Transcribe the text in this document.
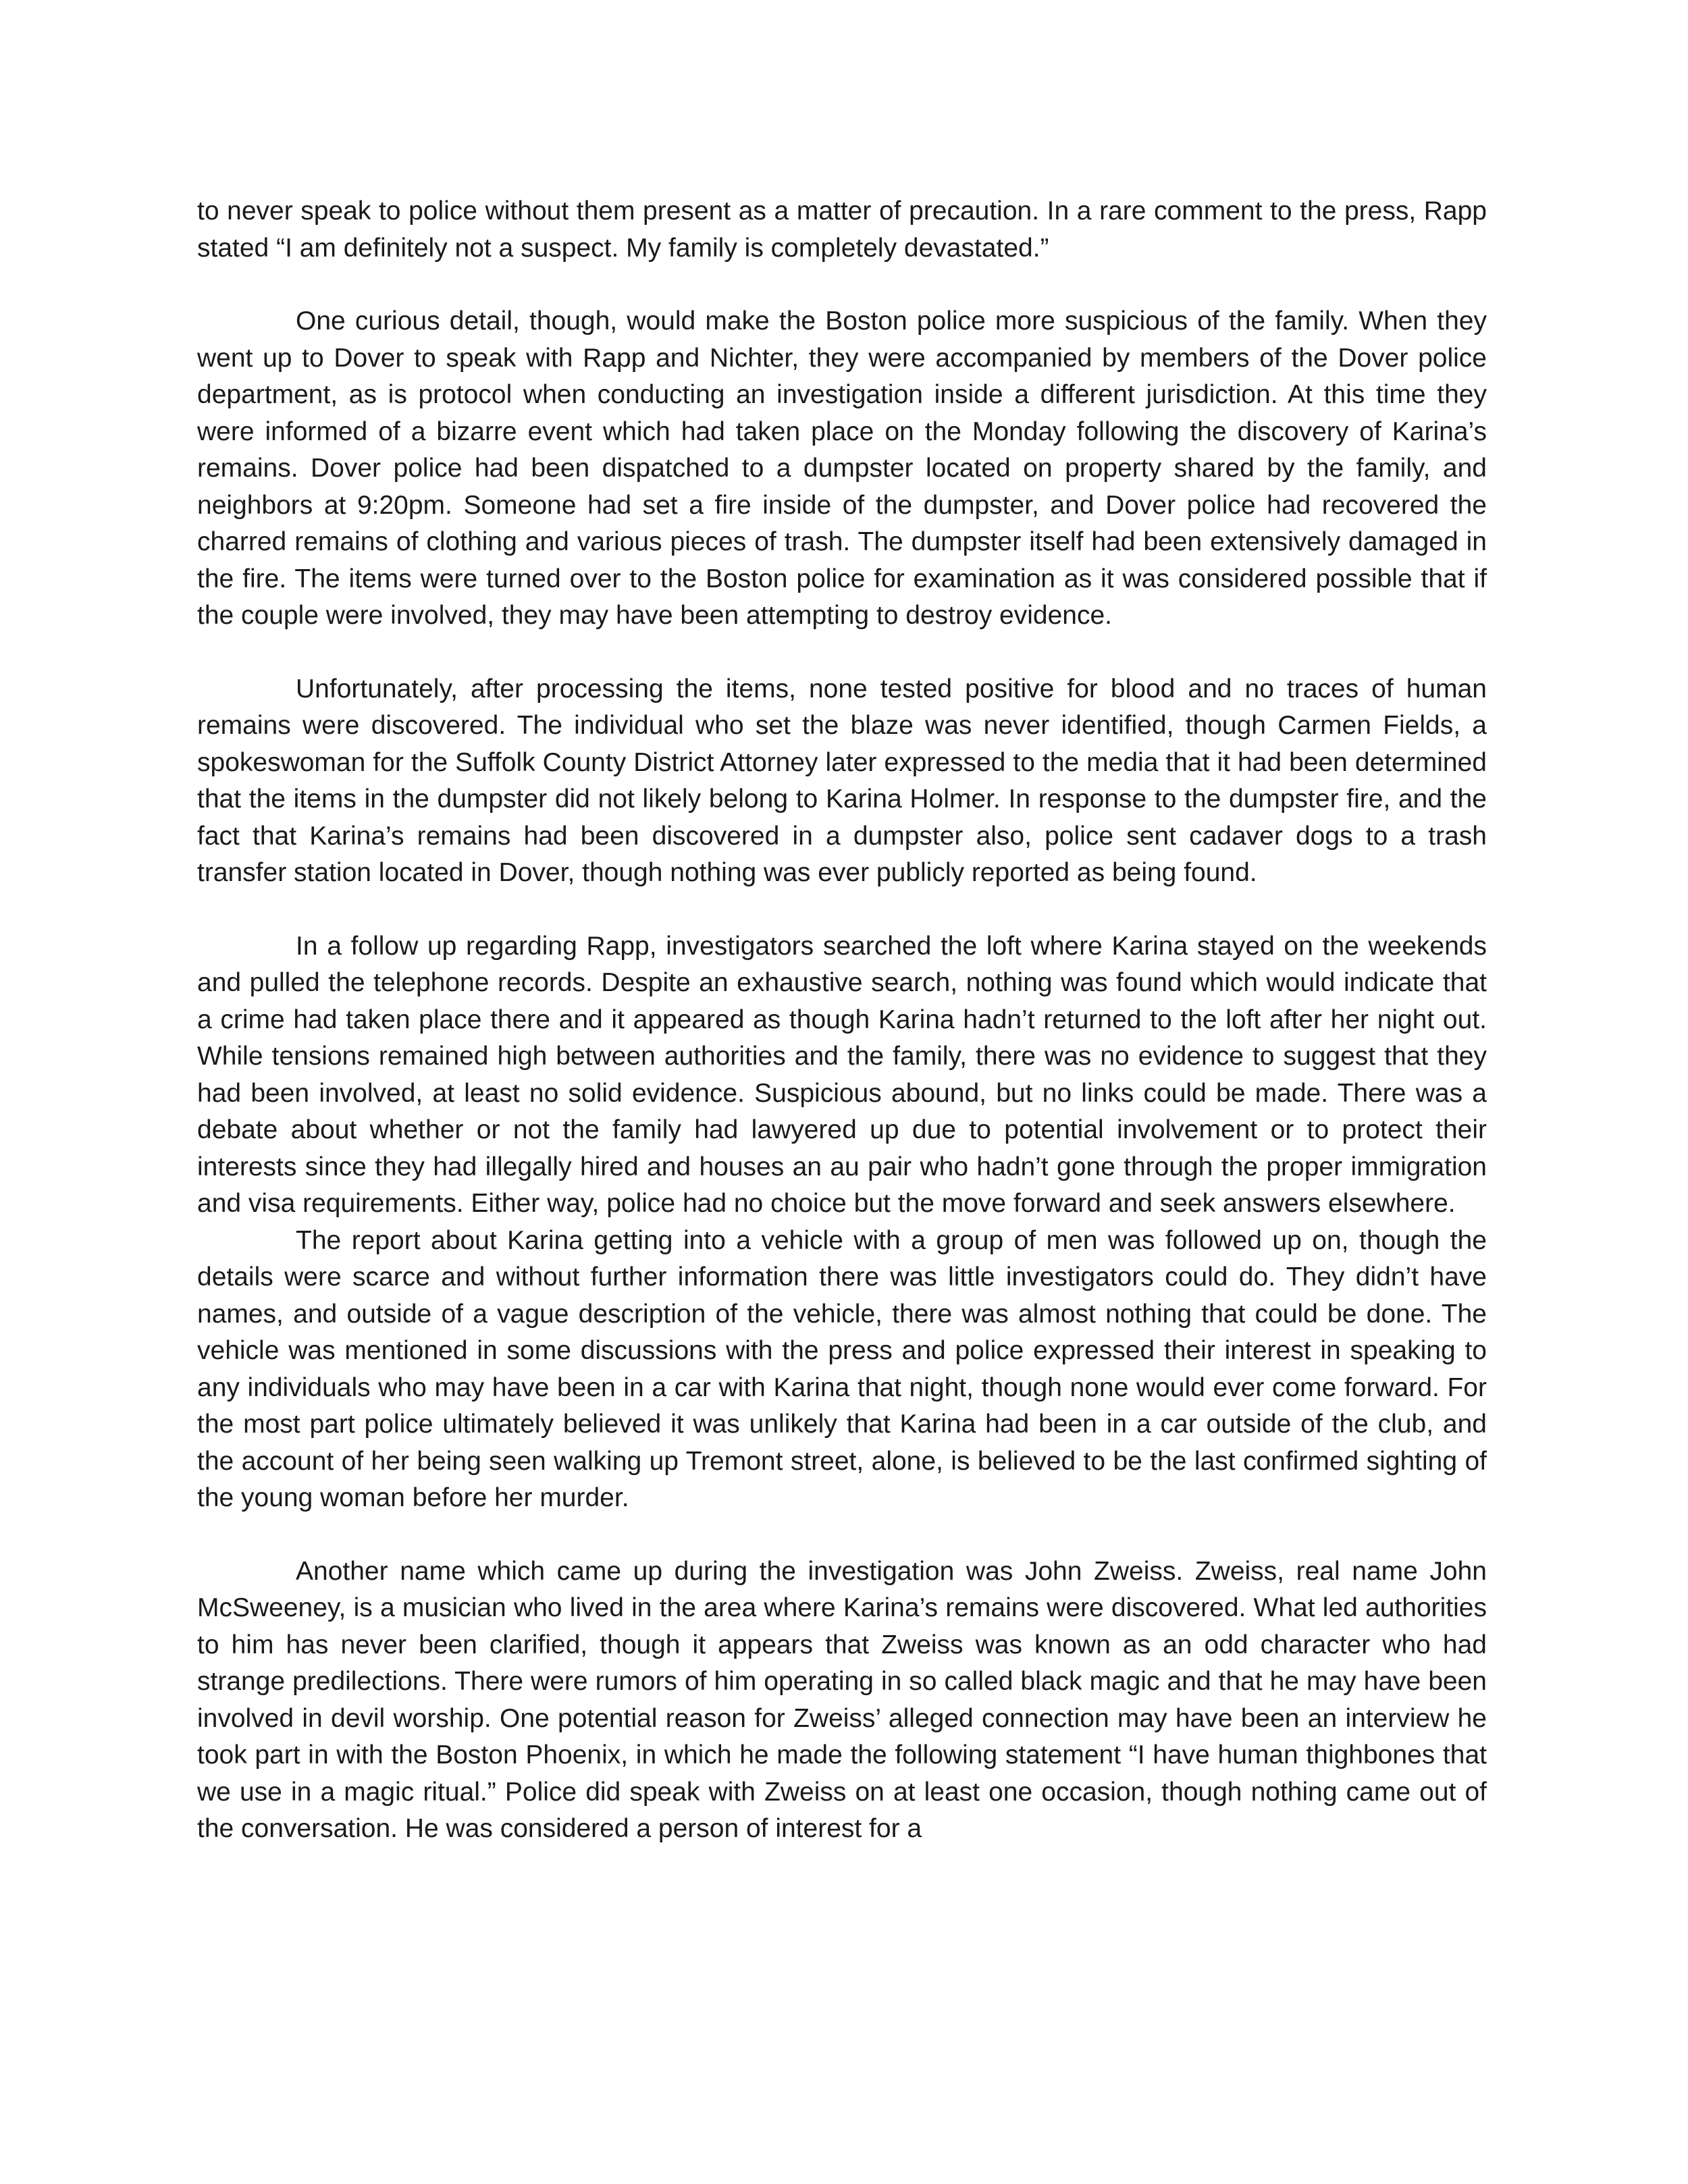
to never speak to police without them present as a matter of precaution. In a rare comment to the press, Rapp stated “I am definitely not a suspect. My family is completely devastated.”

One curious detail, though, would make the Boston police more suspicious of the family. When they went up to Dover to speak with Rapp and Nichter, they were accompanied by members of the Dover police department, as is protocol when conducting an investigation inside a different jurisdiction. At this time they were informed of a bizarre event which had taken place on the Monday following the discovery of Karina’s remains. Dover police had been dispatched to a dumpster located on property shared by the family, and neighbors at 9:20pm. Someone had set a fire inside of the dumpster, and Dover police had recovered the charred remains of clothing and various pieces of trash. The dumpster itself had been extensively damaged in the fire. The items were turned over to the Boston police for examination as it was considered possible that if the couple were involved, they may have been attempting to destroy evidence.

Unfortunately, after processing the items, none tested positive for blood and no traces of human remains were discovered. The individual who set the blaze was never identified, though Carmen Fields, a spokeswoman for the Suffolk County District Attorney later expressed to the media that it had been determined that the items in the dumpster did not likely belong to Karina Holmer. In response to the dumpster fire, and the fact that Karina’s remains had been discovered in a dumpster also, police sent cadaver dogs to a trash transfer station located in Dover, though nothing was ever publicly reported as being found.

In a follow up regarding Rapp, investigators searched the loft where Karina stayed on the weekends and pulled the telephone records. Despite an exhaustive search, nothing was found which would indicate that a crime had taken place there and it appeared as though Karina hadn’t returned to the loft after her night out. While tensions remained high between authorities and the family, there was no evidence to suggest that they had been involved, at least no solid evidence. Suspicious abound, but no links could be made. There was a debate about whether or not the family had lawyered up due to potential involvement or to protect their interests since they had illegally hired and houses an au pair who hadn’t gone through the proper immigration and visa requirements. Either way, police had no choice but the move forward and seek answers elsewhere.

The report about Karina getting into a vehicle with a group of men was followed up on, though the details were scarce and without further information there was little investigators could do. They didn’t have names, and outside of a vague description of the vehicle, there was almost nothing that could be done. The vehicle was mentioned in some discussions with the press and police expressed their interest in speaking to any individuals who may have been in a car with Karina that night, though none would ever come forward. For the most part police ultimately believed it was unlikely that Karina had been in a car outside of the club, and the account of her being seen walking up Tremont street, alone, is believed to be the last confirmed sighting of the young woman before her murder.

Another name which came up during the investigation was John Zweiss. Zweiss, real name John McSweeney, is a musician who lived in the area where Karina’s remains were discovered. What led authorities to him has never been clarified, though it appears that Zweiss was known as an odd character who had strange predilections. There were rumors of him operating in so called black magic and that he may have been involved in devil worship. One potential reason for Zweiss’ alleged connection may have been an interview he took part in with the Boston Phoenix, in which he made the following statement “I have human thighbones that we use in a magic ritual.” Police did speak with Zweiss on at least one occasion, though nothing came out of the conversation. He was considered a person of interest for a
